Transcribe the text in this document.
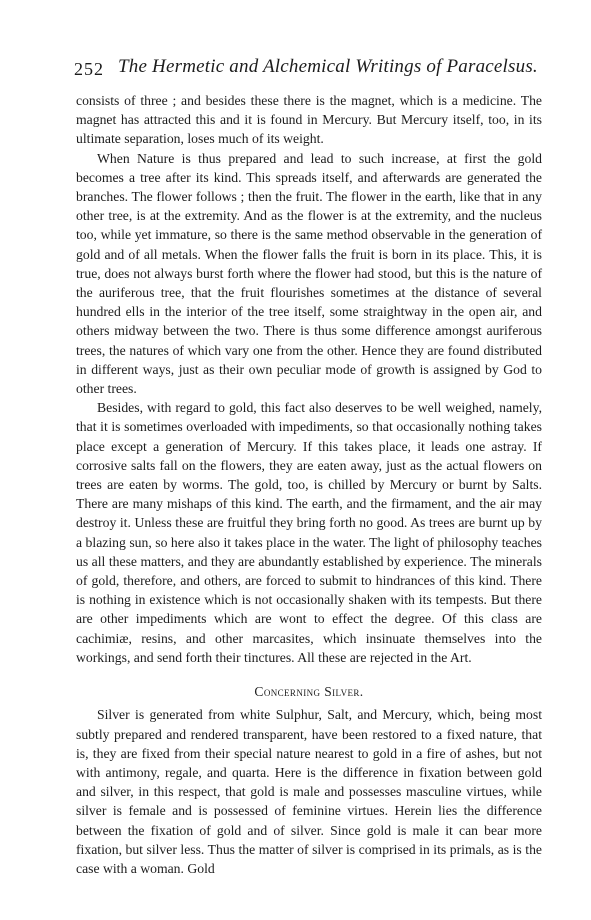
252 The Hermetic and Alchemical Writings of Paracelsus.

consists of three ; and besides these there is the magnet, which is a medicine. The magnet has attracted this and it is found in Mercury. But Mercury itself, too, in its ultimate separation, loses much of its weight.

When Nature is thus prepared and lead to such increase, at first the gold becomes a tree after its kind. This spreads itself, and afterwards are generated the branches. The flower follows ; then the fruit. The flower in the earth, like that in any other tree, is at the extremity. And as the flower is at the extremity, and the nucleus too, while yet immature, so there is the same method observable in the generation of gold and of all metals. When the flower falls the fruit is born in its place. This, it is true, does not always burst forth where the flower had stood, but this is the nature of the auriferous tree, that the fruit flourishes sometimes at the distance of several hundred ells in the interior of the tree itself, some straightway in the open air, and others midway between the two. There is thus some difference amongst auriferous trees, the natures of which vary one from the other. Hence they are found distributed in different ways, just as their own peculiar mode of growth is assigned by God to other trees.

Besides, with regard to gold, this fact also deserves to be well weighed, namely, that it is sometimes overloaded with impediments, so that occasionally nothing takes place except a generation of Mercury. If this takes place, it leads one astray. If corrosive salts fall on the flowers, they are eaten away, just as the actual flowers on trees are eaten by worms. The gold, too, is chilled by Mercury or burnt by Salts. There are many mishaps of this kind. The earth, and the firmament, and the air may destroy it. Unless these are fruitful they bring forth no good. As trees are burnt up by a blazing sun, so here also it takes place in the water. The light of philosophy teaches us all these matters, and they are abundantly established by experience. The minerals of gold, therefore, and others, are forced to submit to hindrances of this kind. There is nothing in existence which is not occasionally shaken with its tempests. But there are other impediments which are wont to effect the degree. Of this class are cachimiæ, resins, and other marcasites, which insinuate themselves into the workings, and send forth their tinctures. All these are rejected in the Art.

Concerning Silver.

Silver is generated from white Sulphur, Salt, and Mercury, which, being most subtly prepared and rendered transparent, have been restored to a fixed nature, that is, they are fixed from their special nature nearest to gold in a fire of ashes, but not with antimony, regale, and quarta. Here is the difference in fixation between gold and silver, in this respect, that gold is male and possesses masculine virtues, while silver is female and is possessed of feminine virtues. Herein lies the difference between the fixation of gold and of silver. Since gold is male it can bear more fixation, but silver less. Thus the matter of silver is comprised in its primals, as is the case with a woman. Gold
